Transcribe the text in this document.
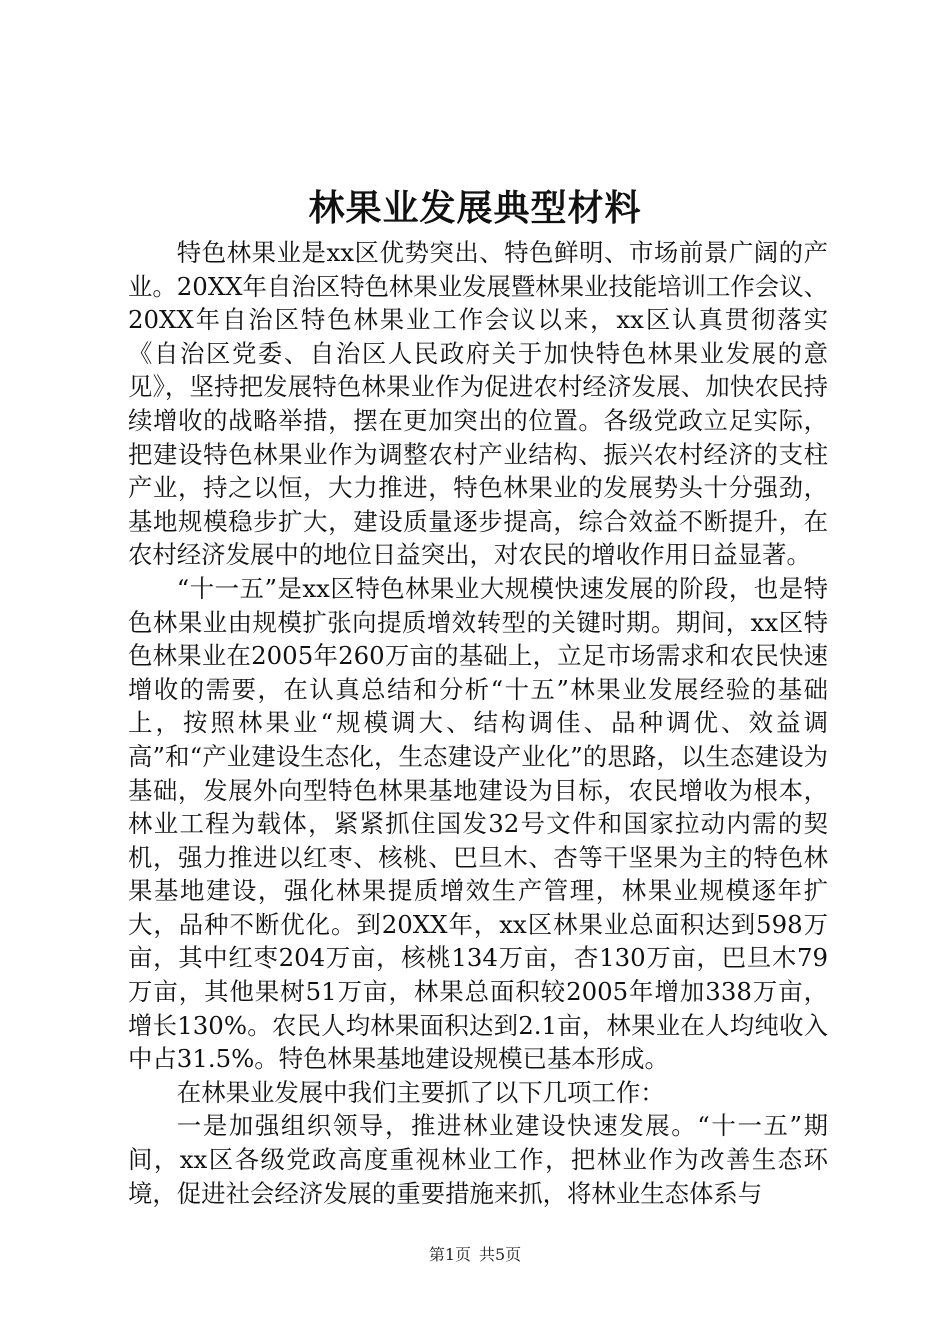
林果业发展典型材料

特色林果业是xx区优势突出、特色鲜明、市场前景广阔的产业。20XX年自治区特色林果业发展暨林果业技能培训工作会议、20XX年自治区特色林果业工作会议以来，xx区认真贯彻落实《自治区党委、自治区人民政府关于加快特色林果业发展的意见》，坚持把发展特色林果业作为促进农村经济发展、加快农民持续增收的战略举措，摆在更加突出的位置。各级党政立足实际，把建设特色林果业作为调整农村产业结构、振兴农村经济的支柱产业，持之以恒，大力推进，特色林果业的发展势头十分强劲，基地规模稳步扩大，建设质量逐步提高，综合效益不断提升，在农村经济发展中的地位日益突出，对农民的增收作用日益显著。

“十一五”是xx区特色林果业大规模快速发展的阶段，也是特色林果业由规模扩张向提质增效转型的关键时期。期间，xx区特色林果业在2005年260万亩的基础上，立足市场需求和农民快速增收的需要，在认真总结和分析“十五”林果业发展经验的基础上，按照林果业“规模调大、结构调佳、品种调优、效益调高”和“产业建设生态化，生态建设产业化”的思路，以生态建设为基础，发展外向型特色林果基地建设为目标，农民增收为根本，林业工程为载体，紧紧抓住国发32号文件和国家拉动内需的契机，强力推进以红枣、核桃、巴旦木、杏等干坚果为主的特色林果基地建设，强化林果提质增效生产管理，林果业规模逐年扩大，品种不断优化。到20XX年，xx区林果业总面积达到598万亩，其中红枣204万亩，核桃134万亩，杏130万亩，巴旦木79万亩，其他果树51万亩，林果总面积较2005年增加338万亩，增长130%。农民人均林果面积达到2.1亩，林果业在人均纯收入中占31.5%。特色林果基地建设规模已基本形成。

在林果业发展中我们主要抓了以下几项工作：

一是加强组织领导，推进林业建设快速发展。“十一五”期间，xx区各级党政高度重视林业工作，把林业作为改善生态环境，促进社会经济发展的重要措施来抓，将林业生态体系与

第1页 共5页
